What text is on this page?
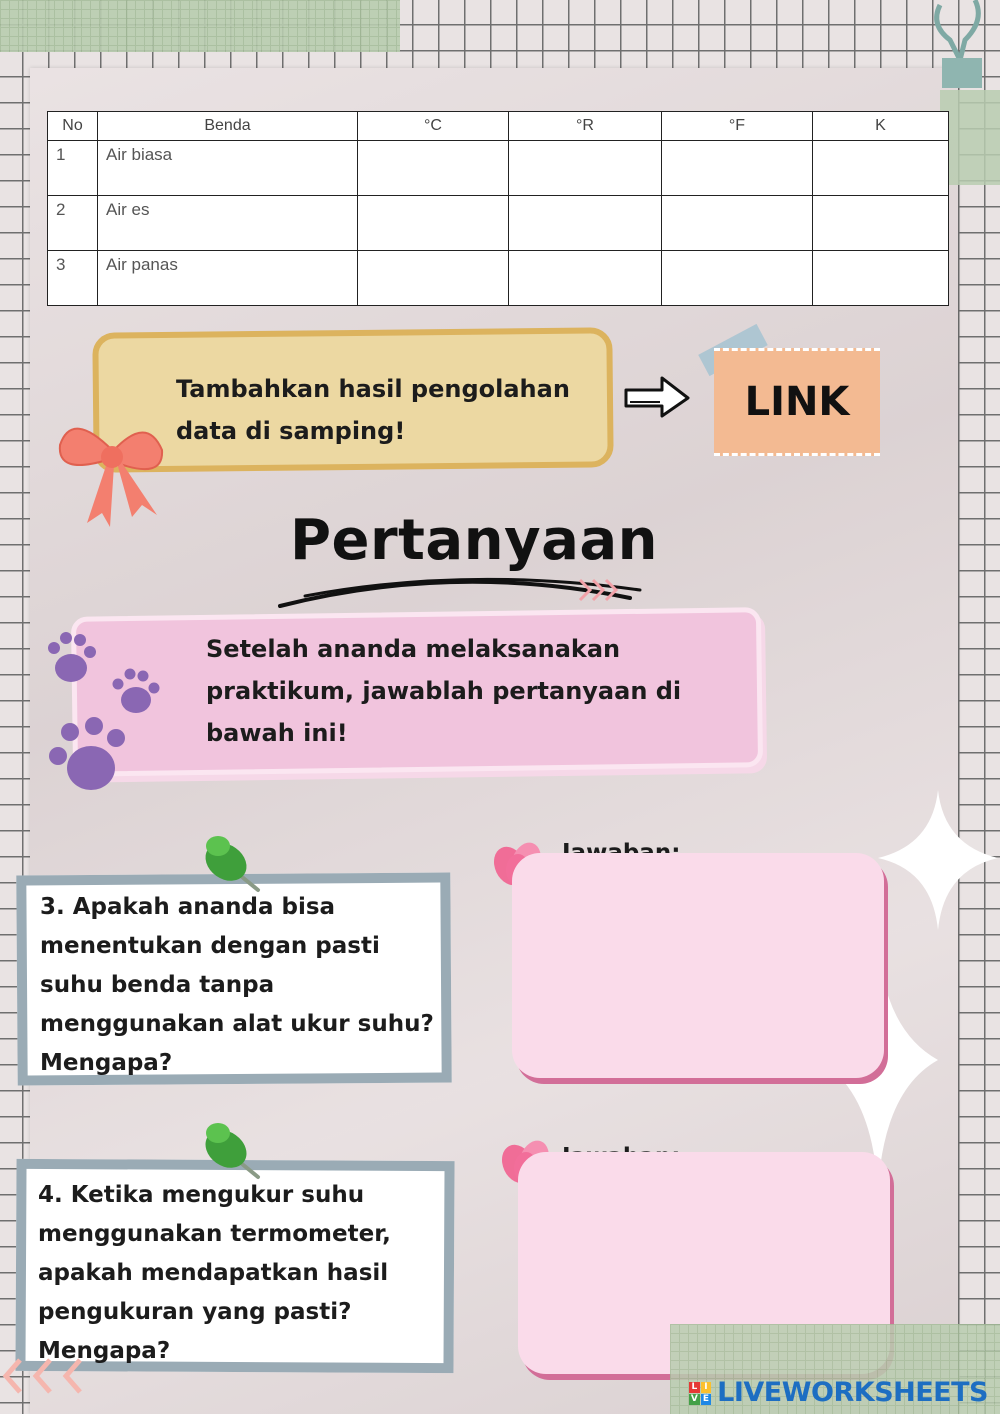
No	Benda	°C	°R	°F	K
1	Air biasa				
2	Air es				
3	Air panas				
Tambahkan hasil pengolahan
data di samping!
LINK
Pertanyaan
Setelah ananda melaksanakan
praktikum, jawablah pertanyaan di
bawah ini!
3. Apakah ananda bisa
menentukan dengan pasti
suhu benda tanpa
menggunakan alat ukur suhu?
Mengapa?
4. Ketika mengukur suhu
menggunakan termometer,
apakah mendapatkan hasil
pengukuran yang pasti?
Mengapa?
L I
V E LIVEWORKSHEETS
